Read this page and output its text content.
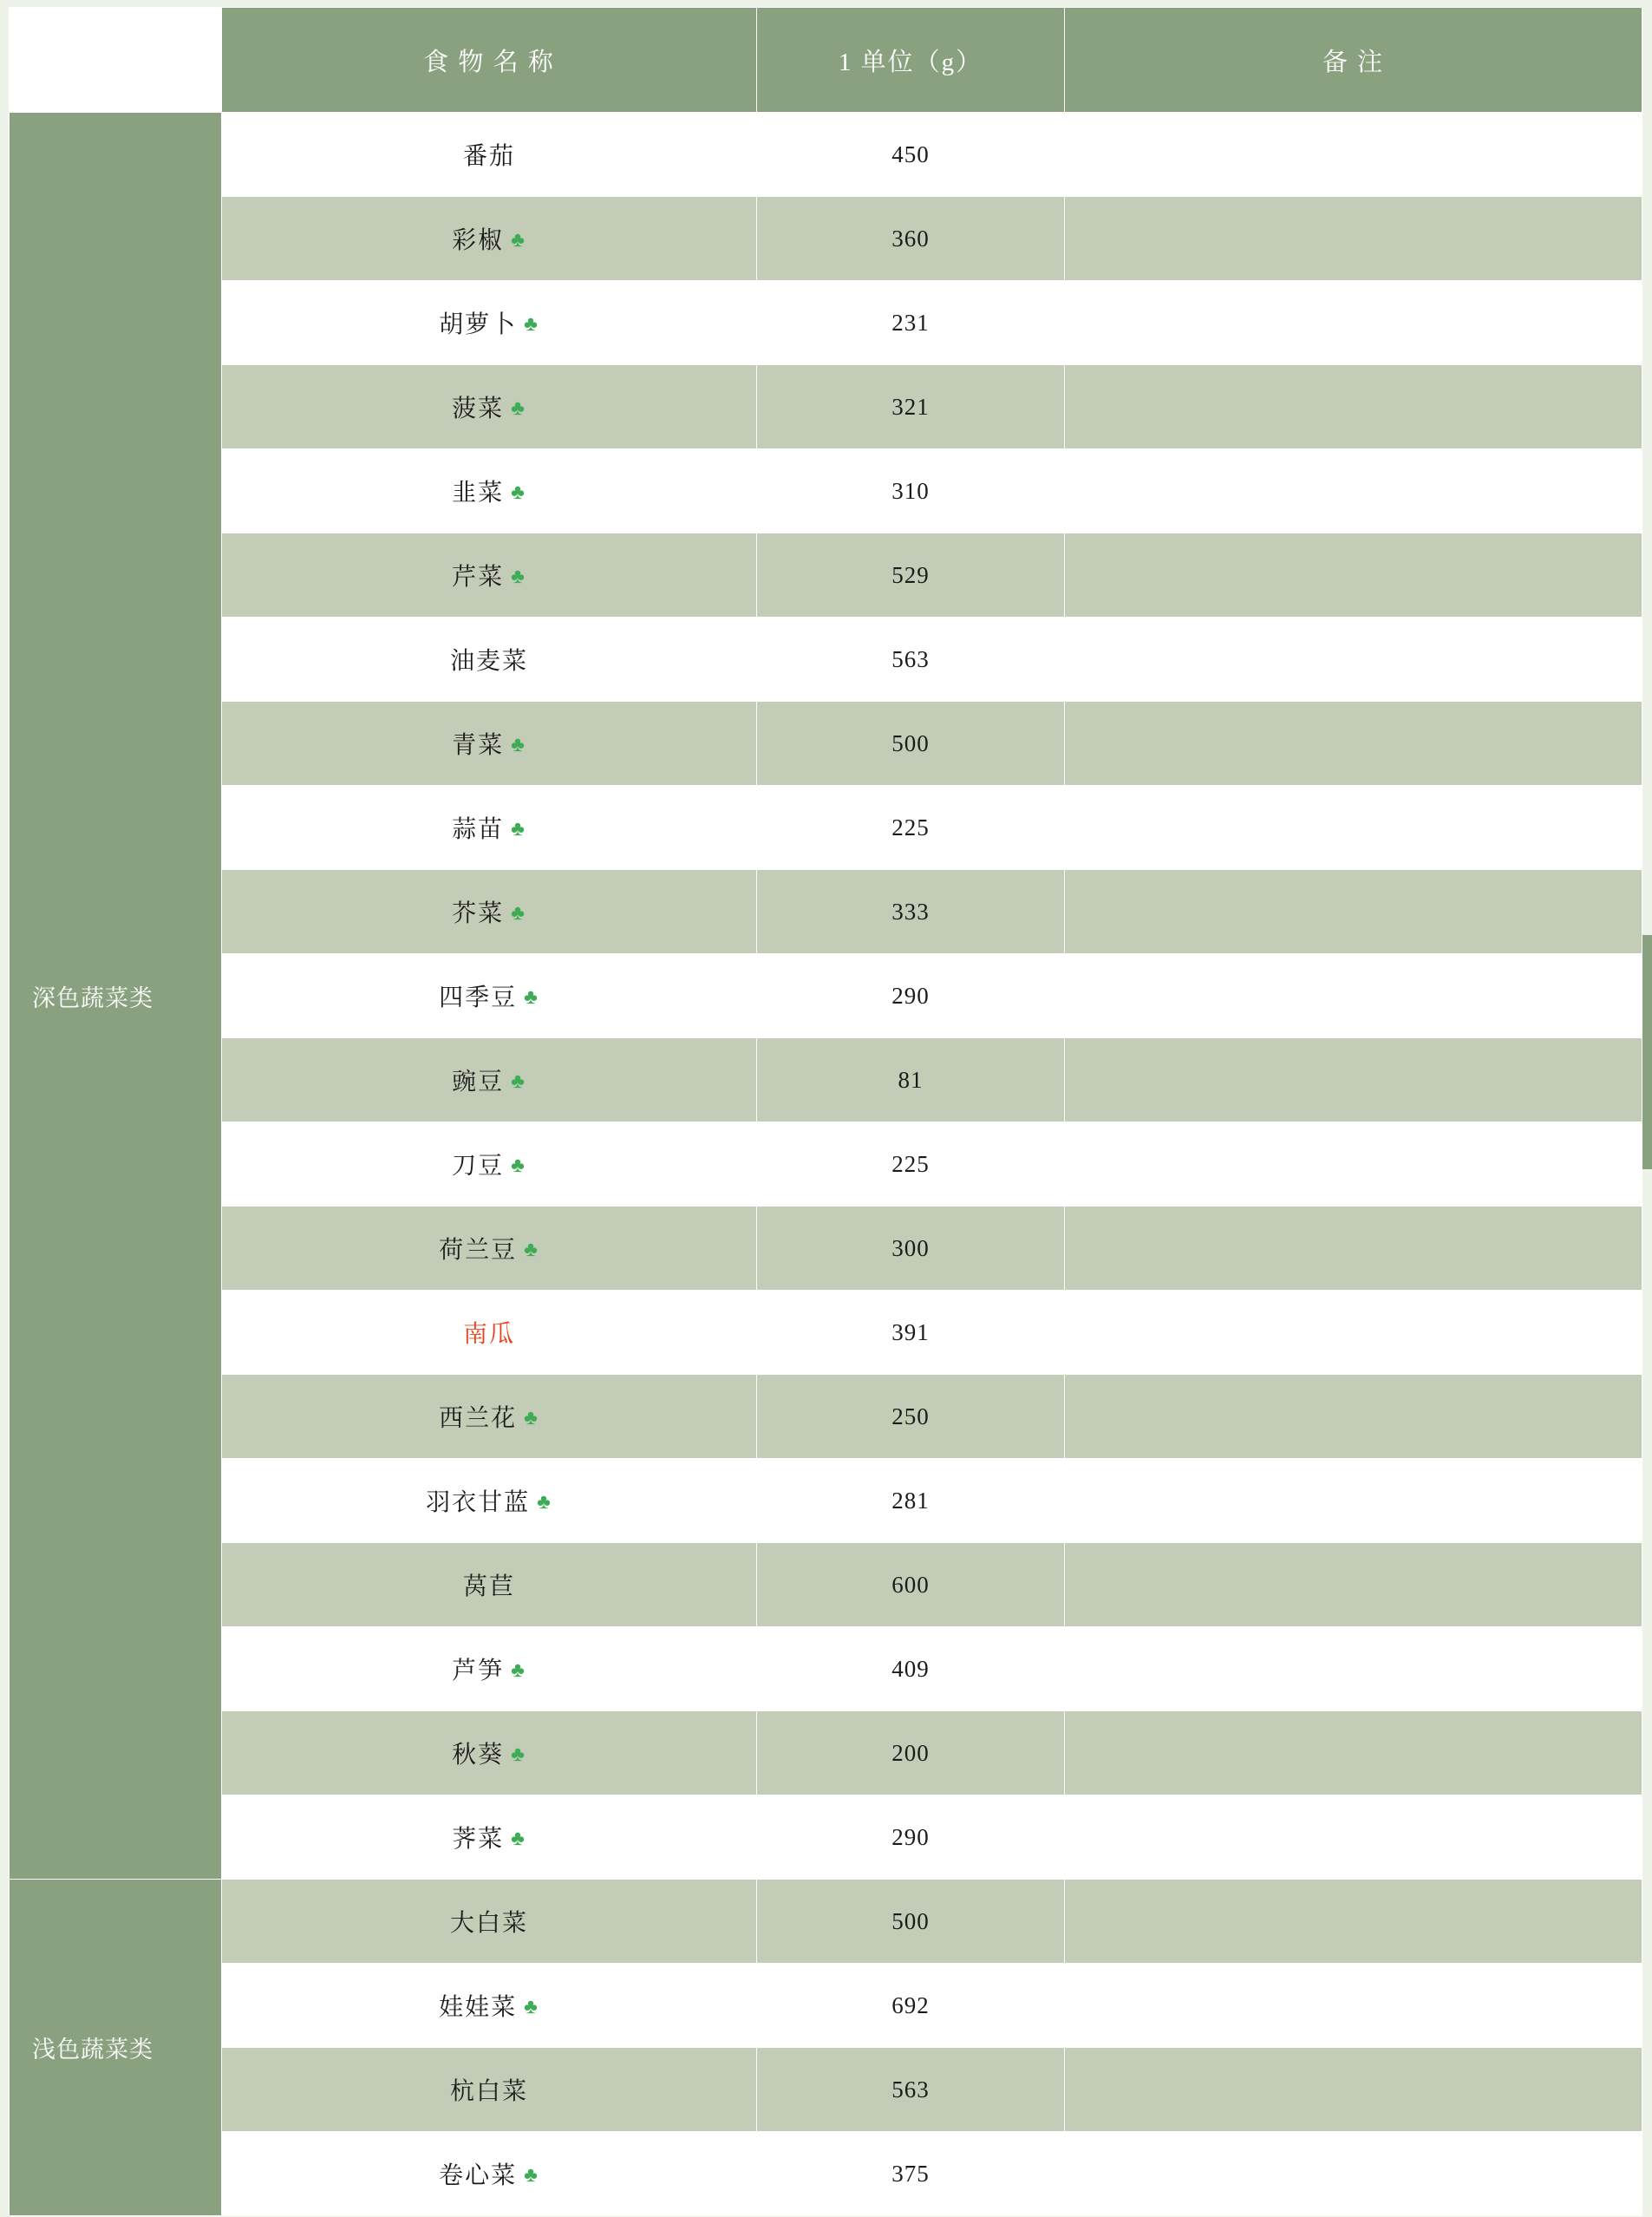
	食 物 名 称	1 单位（g）	备 注
深色蔬菜类	番茄	450	
	彩椒 ♣	360	
	胡萝卜 ♣	231	
	菠菜 ♣	321	
	韭菜 ♣	310	
	芹菜 ♣	529	
	油麦菜	563	
	青菜 ♣	500	
	蒜苗 ♣	225	
	芥菜 ♣	333	
	四季豆 ♣	290	
	豌豆 ♣	81	
	刀豆 ♣	225	
	荷兰豆 ♣	300	
	南瓜	391	
	西兰花 ♣	250	
	羽衣甘蓝 ♣	281	
	莴苣	600	
	芦笋 ♣	409	
	秋葵 ♣	200	
	荠菜 ♣	290	
浅色蔬菜类	大白菜	500	
	娃娃菜 ♣	692	
	杭白菜	563	
	卷心菜 ♣	375	
